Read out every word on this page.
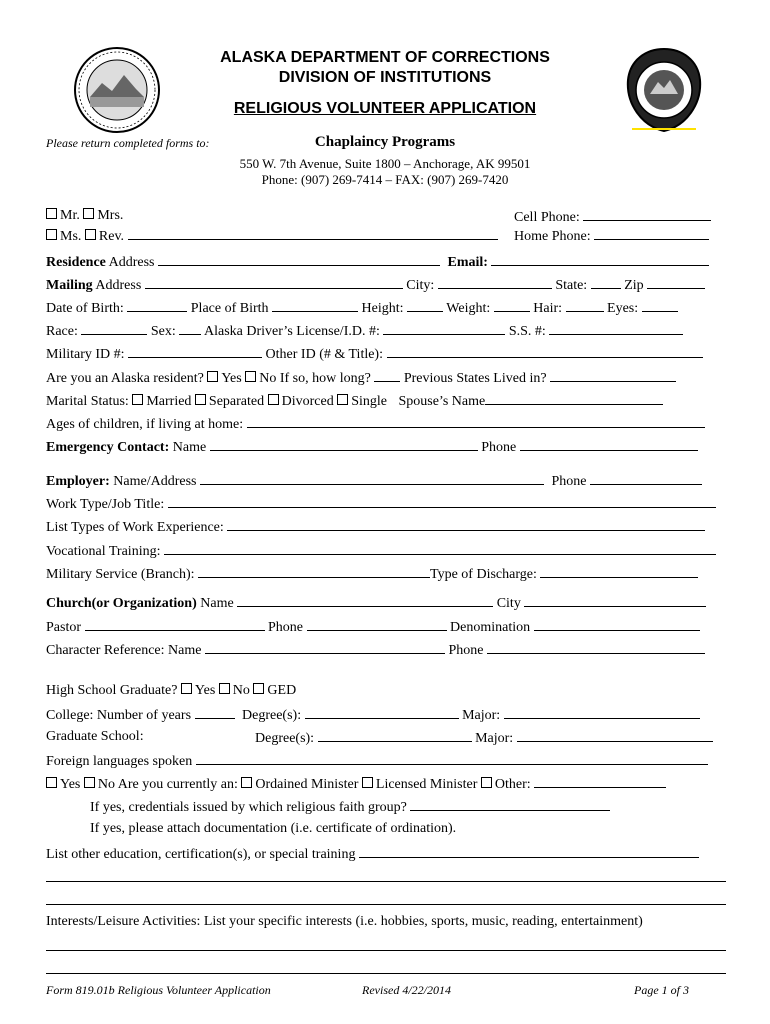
ALASKA DEPARTMENT OF CORRECTIONS
DIVISION OF INSTITUTIONS
RELIGIOUS VOLUNTEER APPLICATION
Please return completed forms to:	Chaplaincy Programs
550 W. 7th Avenue, Suite 1800 – Anchorage, AK 99501
Phone: (907) 269-7414 – FAX: (907) 269-7420
Mr. Mrs.	Cell Phone:
Ms. Rev.	Home Phone:
Residence Address	Email:
Mailing Address	City:	State:	Zip
Date of Birth:	Place of Birth	Height:	Weight:	Hair:	Eyes:
Race:	Sex: Alaska Driver’s License/I.D. #:	S.S. #:
Military ID #:	Other ID (# & Title):
Are you an Alaska resident? Yes No If so, how long? Previous States Lived in?
Marital Status: Married Separated Divorced Single Spouse’s Name
Ages of children, if living at home:
Emergency Contact: Name	Phone
Employer: Name/Address	Phone
Work Type/Job Title:
List Types of Work Experience:
Vocational Training:
Military Service (Branch):	Type of Discharge:
Church(or Organization) Name	City
Pastor	Phone	Denomination
Character Reference: Name	Phone
High School Graduate? Yes No GED
College: Number of years	Degree(s):	Major:
Graduate School:	Degree(s):	Major:
Foreign languages spoken
Yes No Are you currently an: Ordained Minister Licensed Minister Other:
If yes, credentials issued by which religious faith group?
If yes, please attach documentation (i.e. certificate of ordination).
List other education, certification(s), or special training
Interests/Leisure Activities: List your specific interests (i.e. hobbies, sports, music, reading, entertainment)
Form 819.01b Religious Volunteer Application	Revised 4/22/2014	Page 1 of 3
